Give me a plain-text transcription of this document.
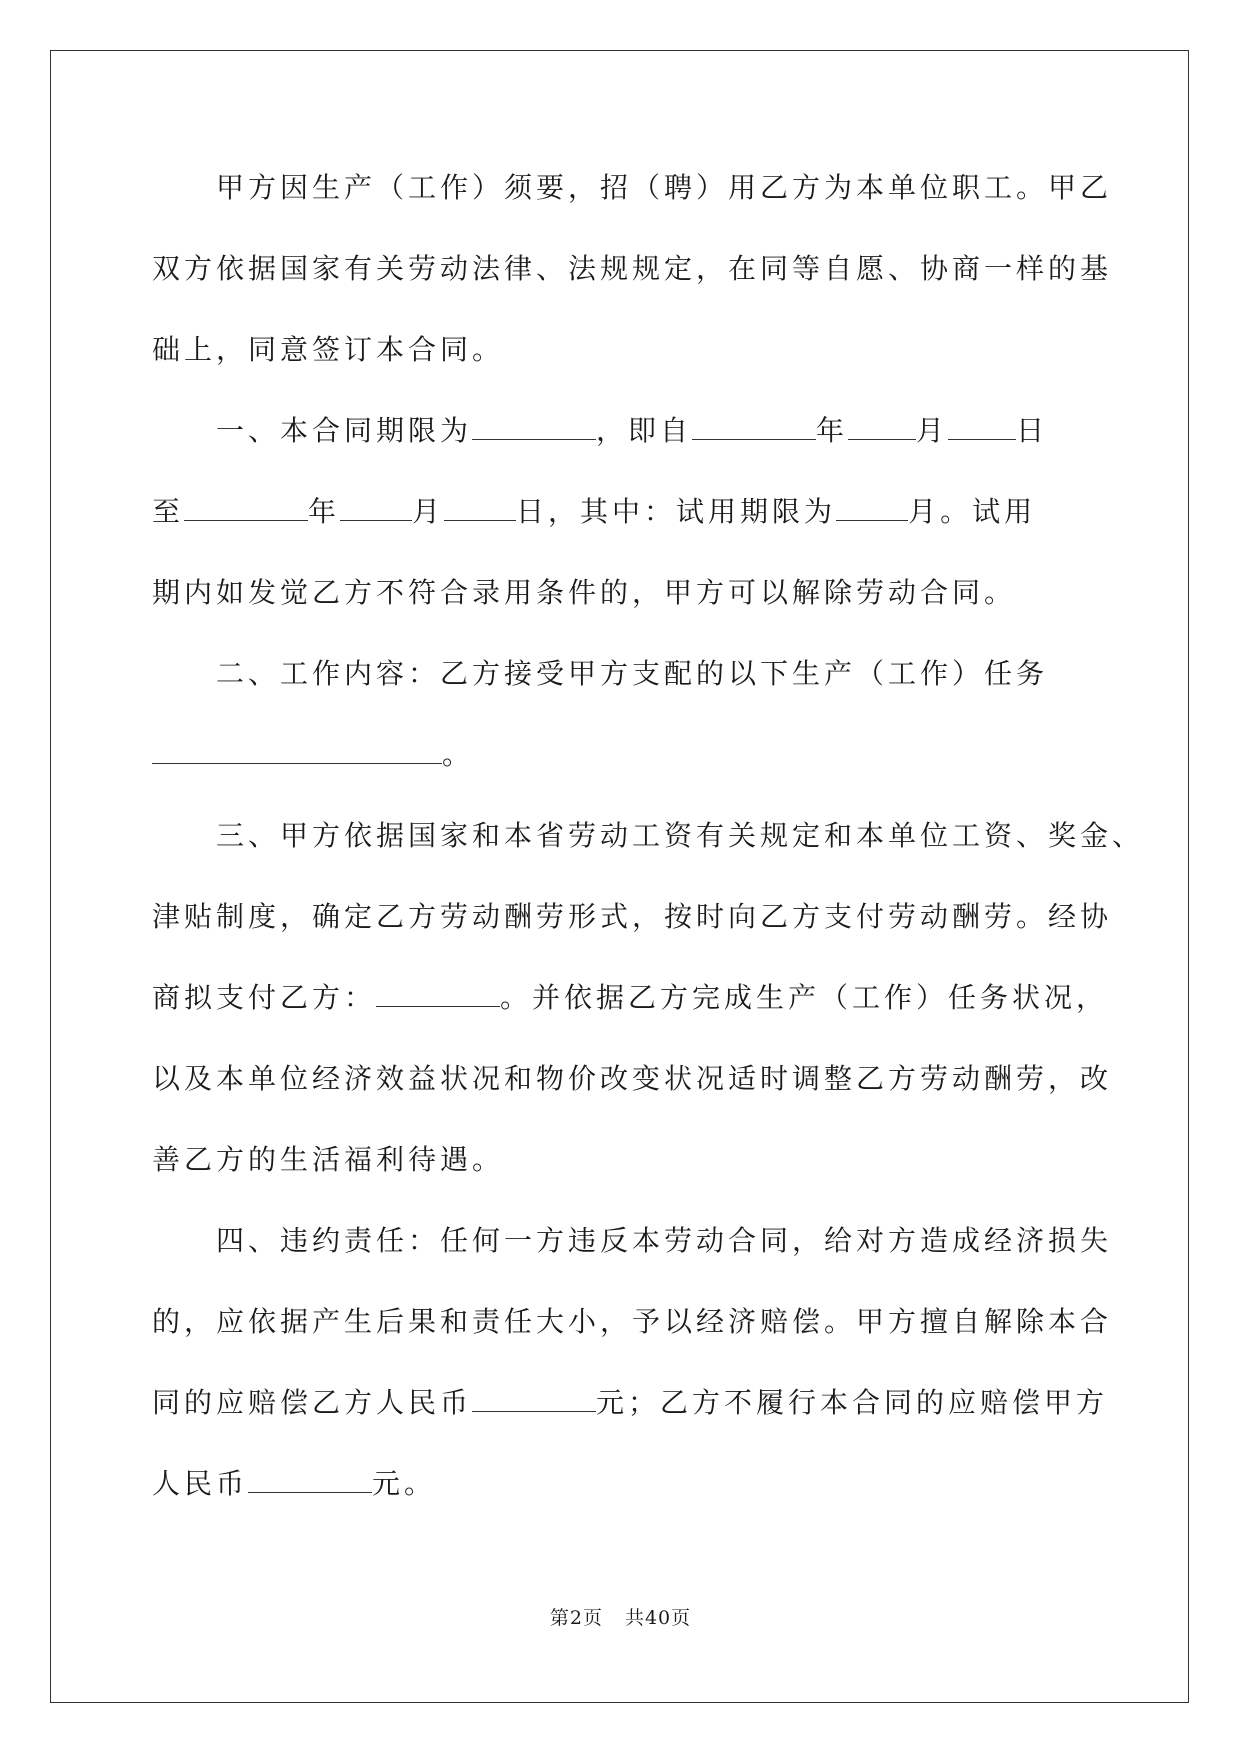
甲方因生产（工作）须要，招（聘）用乙方为本单位职工。甲乙
双方依据国家有关劳动法律、法规规定，在同等自愿、协商一样的基
础上，同意签订本合同。
一、本合同期限为	，即自	年 月 日
至	年	月	日，其中：试用期限为	月。试用
期内如发觉乙方不符合录用条件的，甲方可以解除劳动合同。
二、工作内容：乙方接受甲方支配的以下生产（工作）任务
。
三、甲方依据国家和本省劳动工资有关规定和本单位工资、奖金、
津贴制度，确定乙方劳动酬劳形式，按时向乙方支付劳动酬劳。经协
商拟支付乙方：	。并依据乙方完成生产（工作）任务状况，
以及本单位经济效益状况和物价改变状况适时调整乙方劳动酬劳，改
善乙方的生活福利待遇。
四、违约责任：任何一方违反本劳动合同，给对方造成经济损失
的，应依据产生后果和责任大小，予以经济赔偿。甲方擅自解除本合
同的应赔偿乙方人民币	元；乙方不履行本合同的应赔偿甲方
人民币	元。
第2页 共40页
